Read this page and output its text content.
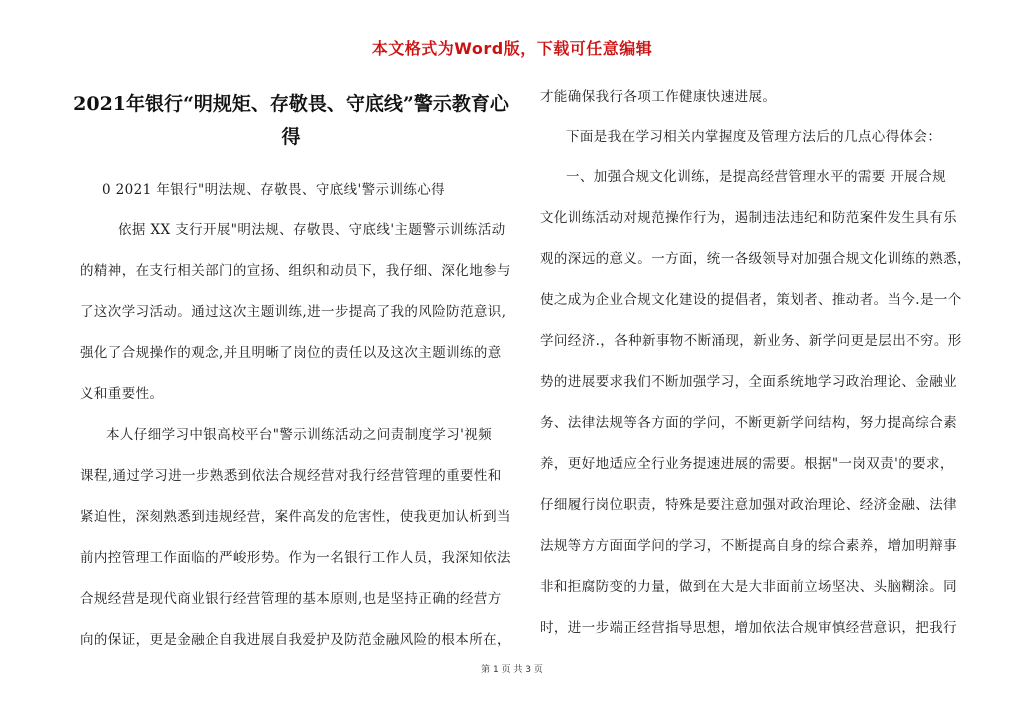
本文格式为Word版，下载可任意编辑
2021年银行“明规矩、存敬畏、守底线”警示教育心
得
0 2021 年银行"明法规、存敬畏、守底线'警示训练心得
依据 XX 支行开展"明法规、存敬畏、守底线'主题警示训练活动
的精神，在支行相关部门的宣扬、组织和动员下，我仔细、深化地参与
了这次学习活动。通过这次主题训练,进一步提高了我的风险防范意识,
强化了合规操作的观念,并且明晰了岗位的责任以及这次主题训练的意
义和重要性。
本人仔细学习中银高校平台"警示训练活动之问责制度学习'视频
课程,通过学习进一步熟悉到依法合规经营对我行经营管理的重要性和
紧迫性，深刻熟悉到违规经营，案件高发的危害性，使我更加认析到当
前内控管理工作面临的严峻形势。作为一名银行工作人员，我深知依法
合规经营是现代商业银行经营管理的基本原则,也是坚持正确的经营方
向的保证，更是金融企自我进展自我爱护及防范金融风险的根本所在，
才能确保我行各项工作健康快速进展。
下面是我在学习相关内掌握度及管理方法后的几点心得体会：
一、加强合规文化训练，是提高经营管理水平的需要 开展合规
文化训练活动对规范操作行为，遏制违法违纪和防范案件发生具有乐
观的深远的意义。一方面，统一各级领导对加强合规文化训练的熟悉，
使之成为企业合规文化建设的提倡者，策划者、推动者。当今.是一个
学问经济.，各种新事物不断涌现，新业务、新学问更是层出不穷。形
势的进展要求我们不断加强学习，全面系统地学习政治理论、金融业
务、法律法规等各方面的学问，不断更新学问结构，努力提高综合素
养，更好地适应全行业务提速进展的需要。根据"一岗双责'的要求，
仔细履行岗位职责，特殊是要注意加强对政治理论、经济金融、法律
法规等方方面面学问的学习，不断提高自身的综合素养，增加明辩事
非和拒腐防变的力量，做到在大是大非面前立场坚决、头脑糊涂。同
时，进一步端正经营指导思想，增加依法合规审慎经营意识，把我行
第 1 页 共 3 页
